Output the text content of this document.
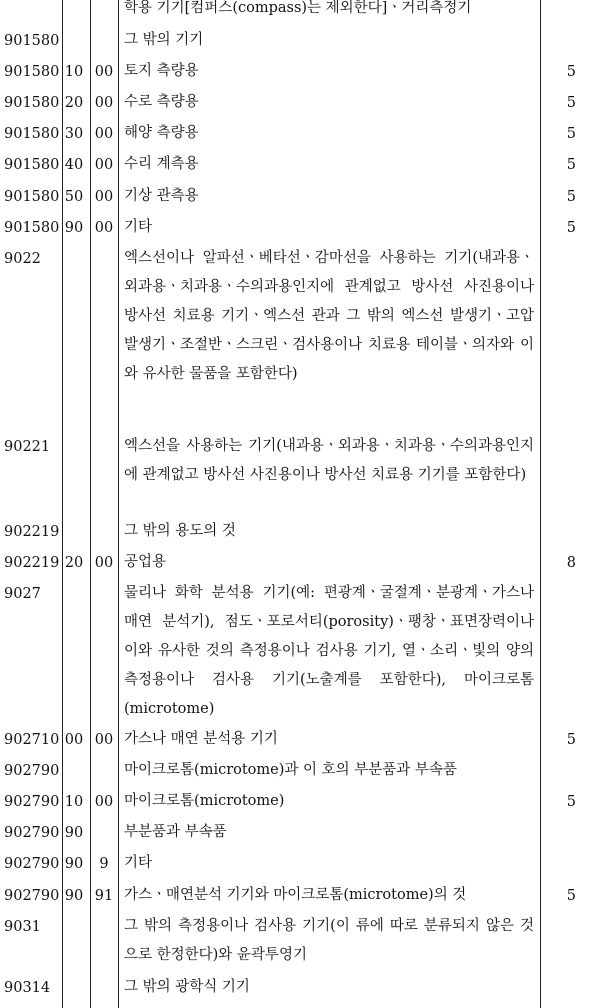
학용 기기[컴퍼스(compass)는 제외한다]ㆍ거리측정기
901580	그 밖의 기기
901580 10 00 토지 측량용	5
901580 20 00 수로 측량용	5
901580 30 00 해양 측량용	5
901580 40 00 수리 계측용	5
901580 50 00 기상 관측용	5
901580 90 00 기타	5
9022	엑스선이나 알파선ㆍ베타선ㆍ감마선을 사용하는 기기(내과용ㆍ외과용ㆍ치과용ㆍ수의과용인지에 관계없고 방사선 사진용이나 방사선 치료용 기기ㆍ엑스선 관과 그 밖의 엑스선 발생기ㆍ고압발생기ㆍ조절반ㆍ스크린ㆍ검사용이나 치료용 테이블ㆍ의자와 이와 유사한 물품을 포함한다)
90221	엑스선을 사용하는 기기(내과용ㆍ외과용ㆍ치과용ㆍ수의과용인지에 관계없고 방사선 사진용이나 방사선 치료용 기기를 포함한다)
902219	그 밖의 용도의 것
902219 20 00 공업용	8
9027	물리나 화학 분석용 기기(예: 편광계ㆍ굴절계ㆍ분광계ㆍ가스나 매연 분석기), 점도ㆍ포로서티(porosity)ㆍ팽창ㆍ표면장력이나 이와 유사한 것의 측정용이나 검사용 기기, 열ㆍ소리ㆍ빛의 양의 측정용이나 검사용 기기(노출계를 포함한다), 마이크로톰(microtome)
902710 00 00 가스나 매연 분석용 기기	5
902790	마이크로톰(microtome)과 이 호의 부분품과 부속품
902790 10 00 마이크로톰(microtome)	5
902790 90	부분품과 부속품
902790 90	9	기타
902790 90 91 가스ㆍ매연분석 기기와 마이크로톰(microtome)의 것	5
9031	그 밖의 측정용이나 검사용 기기(이 류에 따로 분류되지 않은 것으로 한정한다)와 윤곽투영기
90314	그 밖의 광학식 기기
